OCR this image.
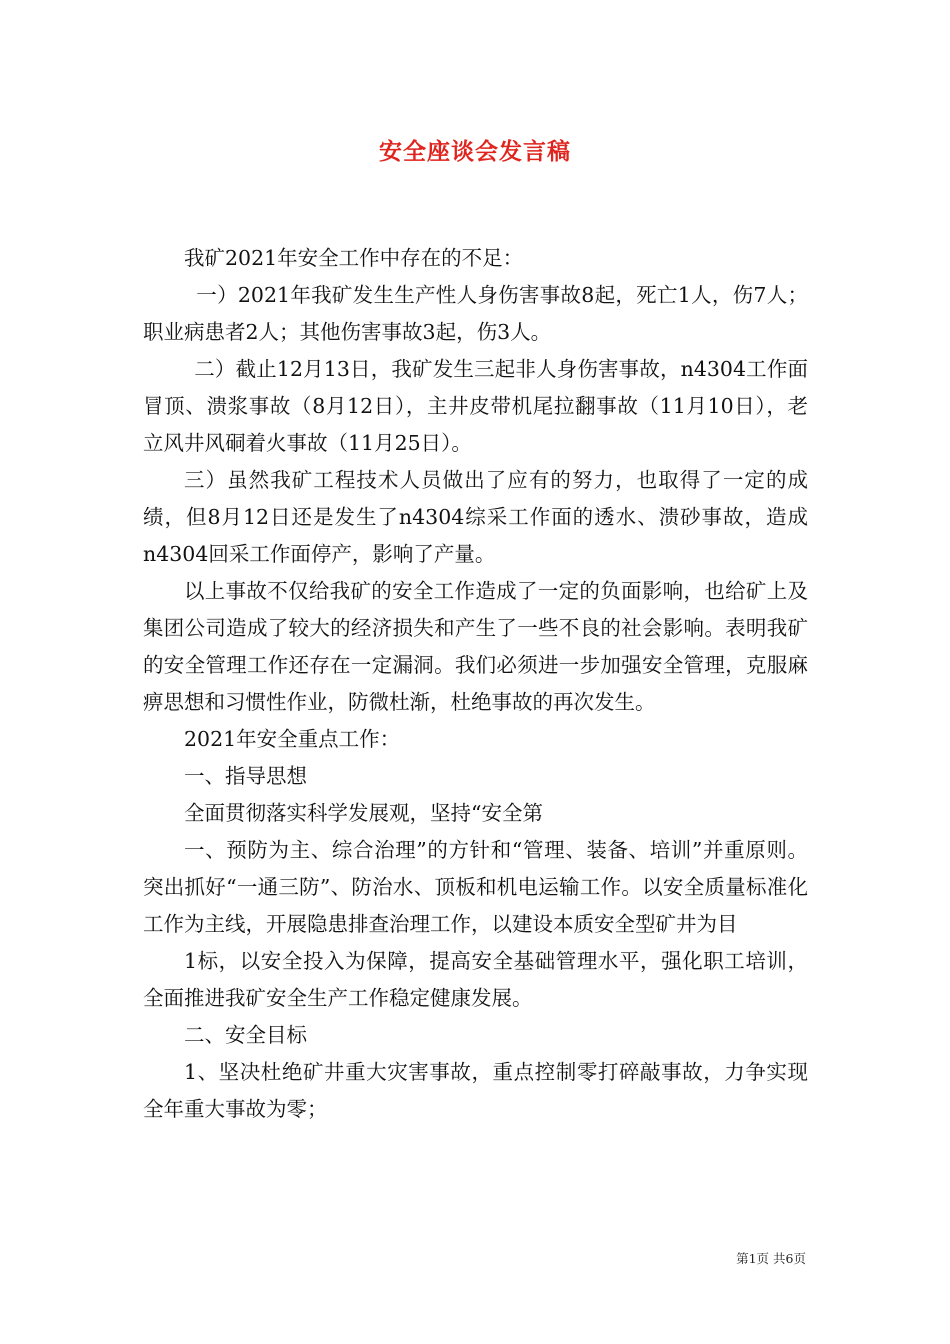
安全座谈会发言稿

我矿2021年安全工作中存在的不足：

一）2021年我矿发生生产性人身伤害事故8起，死亡1人，伤7人；职业病患者2人；其他伤害事故3起，伤3人。

二）截止12月13日，我矿发生三起非人身伤害事故，n4304工作面冒顶、溃浆事故（8月12日），主井皮带机尾拉翻事故（11月10日），老立风井风硐着火事故（11月25日）。

三）虽然我矿工程技术人员做出了应有的努力，也取得了一定的成绩，但8月12日还是发生了n4304综采工作面的透水、溃砂事故，造成n4304回采工作面停产，影响了产量。

以上事故不仅给我矿的安全工作造成了一定的负面影响，也给矿上及集团公司造成了较大的经济损失和产生了一些不良的社会影响。表明我矿的安全管理工作还存在一定漏洞。我们必须进一步加强安全管理，克服麻痹思想和习惯性作业，防微杜渐，杜绝事故的再次发生。

2021年安全重点工作：

一、指导思想

全面贯彻落实科学发展观，坚持“安全第

一、预防为主、综合治理”的方针和“管理、装备、培训”并重原则。突出抓好“一通三防”、防治水、顶板和机电运输工作。以安全质量标准化工作为主线，开展隐患排查治理工作，以建设本质安全型矿井为目

1标，以安全投入为保障，提高安全基础管理水平，强化职工培训，全面推进我矿安全生产工作稳定健康发展。

二、安全目标

1、坚决杜绝矿井重大灾害事故，重点控制零打碎敲事故，力争实现全年重大事故为零；

第1页 共6页
